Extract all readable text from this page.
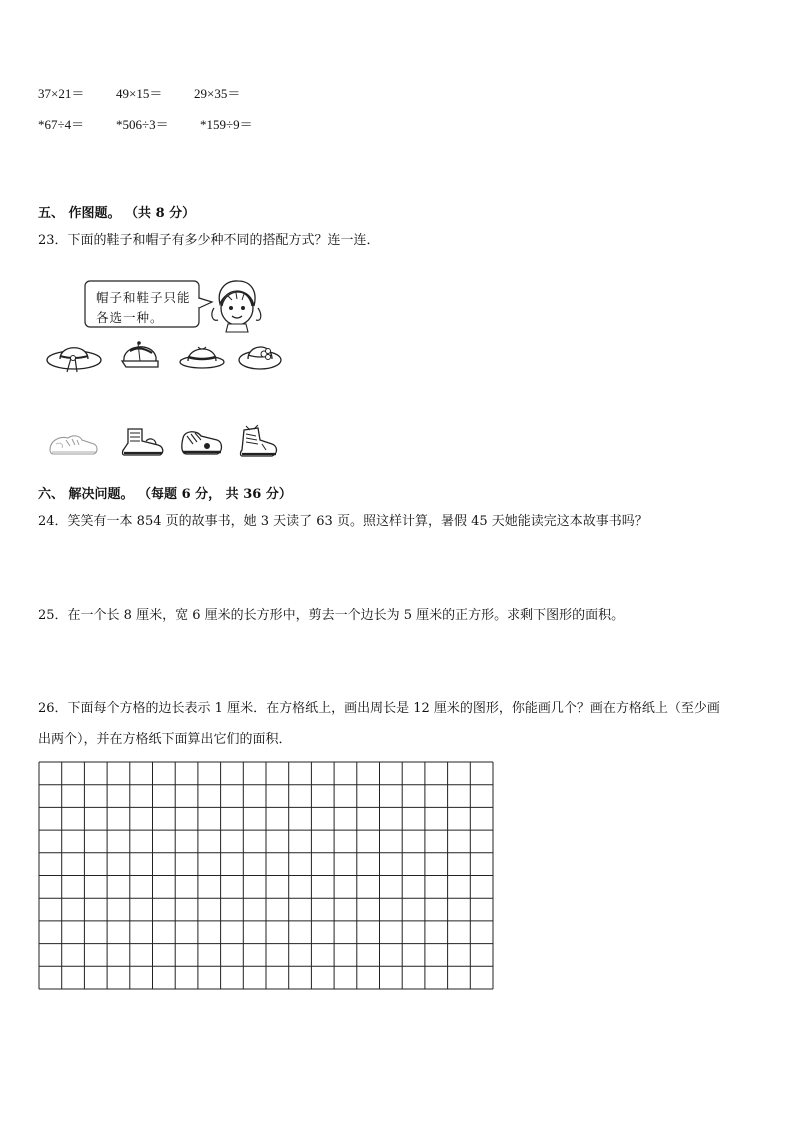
37×21＝ 49×15＝ 29×35＝
*67÷4＝ *506÷3＝ *159÷9＝
五、 作图题。 （共 8 分）
23．下面的鞋子和帽子有多少种不同的搭配方式？连一连．
帽子和鞋子只能
各选一种。
六、 解决问题。 （每题 6 分， 共 36 分）
24．笑笑有一本 854 页的故事书，她 3 天读了 63 页。照这样计算，暑假 45 天她能读完这本故事书吗？
25．在一个长 8 厘米，宽 6 厘米的长方形中，剪去一个边长为 5 厘米的正方形。求剩下图形的面积。
26．下面每个方格的边长表示 1 厘米．在方格纸上，画出周长是 12 厘米的图形，你能画几个？画在方格纸上（至少画
出两个），并在方格纸下面算出它们的面积．
